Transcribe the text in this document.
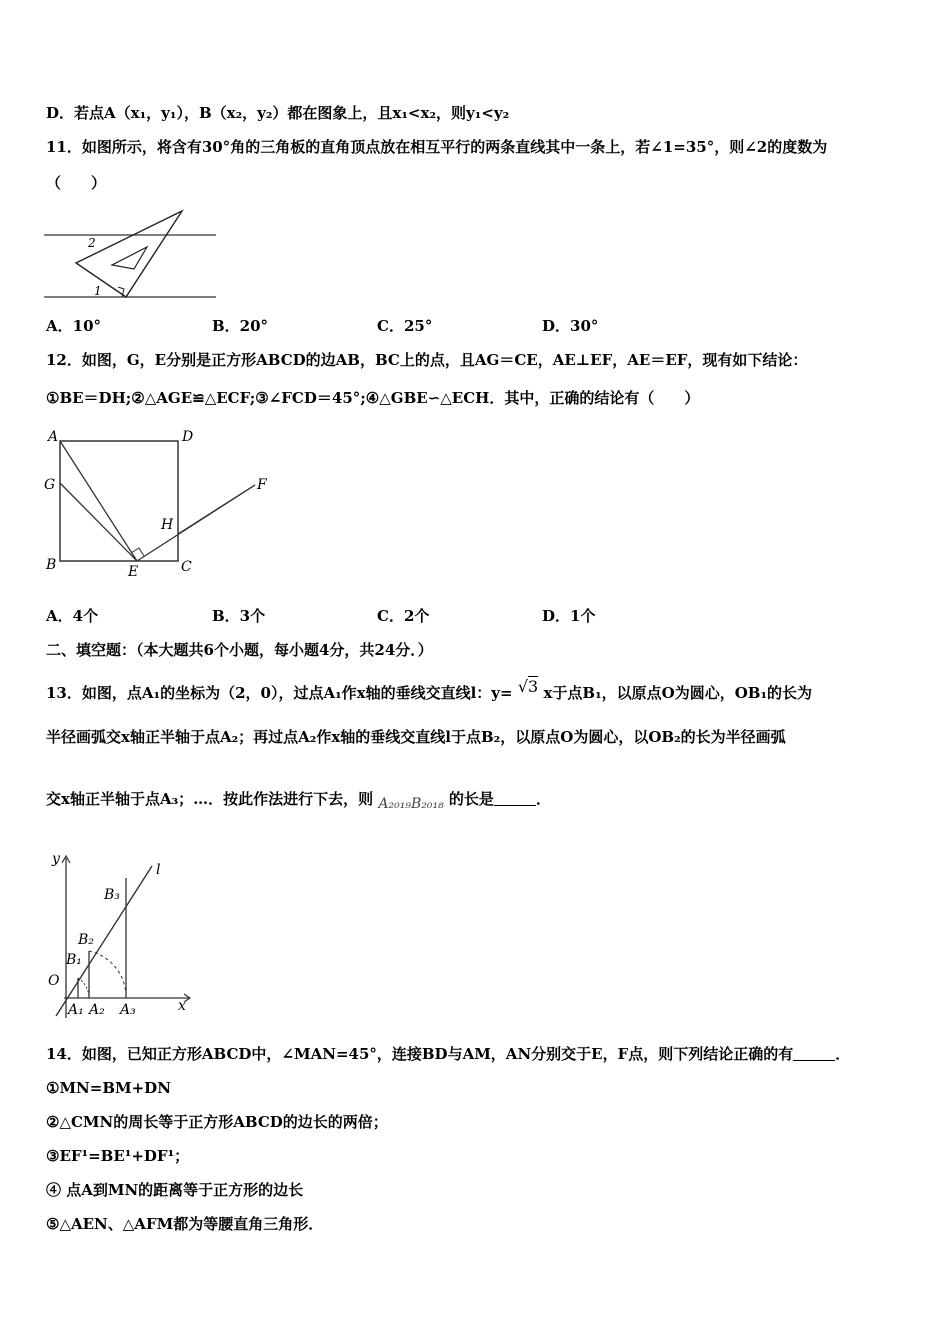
D．若点A（x₁，y₁），B（x₂，y₂）都在图象上，且x₁<x₂，则y₁<y₂
11．如图所示，将含有30°角的三角板的直角顶点放在相互平行的两条直线其中一条上，若∠1=35°，则∠2的度数为
（　　）
2
1
A．10°	B．20°	C．25°	D．30°
12．如图，G，E分别是正方形ABCD的边AB，BC上的点，且AG＝CE，AE⊥EF，AE＝EF，现有如下结论：
①BE＝DH;②△AGE≌△ECF;③∠FCD＝45°;④△GBE∽△ECH．其中，正确的结论有（　　）
A	D
G	F
H
B	E	C
A．4个	B．3个	C．2个	D．1个
二、填空题：（本大题共6个小题，每小题4分，共24分．）
13．如图，点A₁的坐标为（2，0），过点A₁作x轴的垂线交直线l：y= √3 x于点B₁，以原点O为圆心，OB₁的长为
半径画弧交x轴正半轴于点A₂；再过点A₂作x轴的垂线交直线l于点B₂，以原点O为圆心，以OB₂的长为半径画弧
交x轴正半轴于点A₃；…．按此作法进行下去，则 A₂₀₁₉B₂₀₁₈ 的长是	．
y
l
B₃
B₂
B₁
O
A₁ A₂ A₃	x
14．如图，已知正方形ABCD中，∠MAN=45°，连接BD与AM，AN分别交于E，F点，则下列结论正确的有	．
①MN=BM+DN
②△CMN的周长等于正方形ABCD的边长的两倍；
③EF¹=BE¹+DF¹；
④ 点A到MN的距离等于正方形的边长
⑤△AEN、△AFM都为等腰直角三角形．
